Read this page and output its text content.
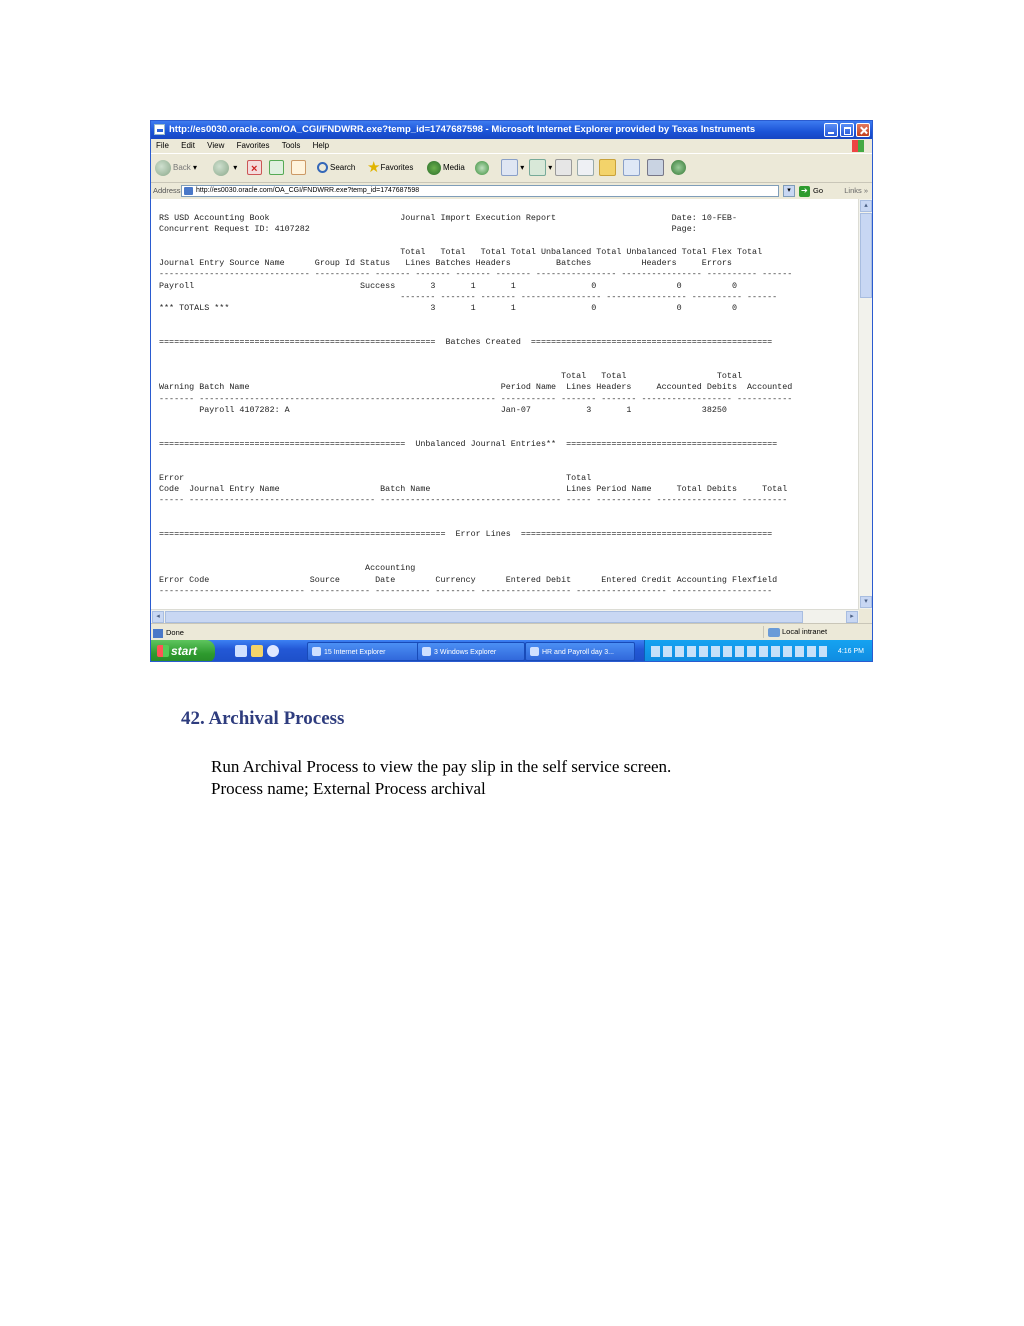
http://es0030.oracle.com/OA_CGI/FNDWRR.exe?temp_id=1747687598 - Microsoft Internet Explorer provided by Texas Instruments
File Edit View Favorites Tools Help
Back ▾	▾ ×	Search ★Favorites	Media	▾	▾
Address	http://es0030.oracle.com/OA_CGI/FNDWRR.exe?temp_id=1747687598	▾ ➔	Go	Links »
RS USD Accounting Book                          Journal Import Execution Report                       Date: 10-FEB-
Concurrent Request ID: 4107282                                                                        Page:

Total   Total   Total Total Unbalanced Total Unbalanced Total Flex Total
Journal Entry Source Name      Group Id Status   Lines Batches Headers         Batches          Headers     Errors
------------------------------ ----------- ------- ------- ------- ------- ---------------- ---------------- ---------- ------
Payroll                                 Success       3       1       1               0                0          0
------- ------- ------- ---------------- ---------------- ---------- ------
*** TOTALS ***                                        3       1       1               0                0          0

=======================================================  Batches Created  ================================================

Total   Total                  Total
Warning Batch Name                                                  Period Name  Lines Headers     Accounted Debits  Accounted
------- ----------------------------------------------------------- ----------- ------- ------- ------------------ -----------
Payroll 4107282: A                                          Jan-07           3       1              38250

=================================================  Unbalanced Journal Entries**  ==========================================

Error                                                                            Total
Code  Journal Entry Name                    Batch Name                           Lines Period Name     Total Debits     Total
----- ------------------------------------- ------------------------------------ ----- ----------- ---------------- ---------

=========================================================  Error Lines  ==================================================

Accounting
Error Code                    Source       Date        Currency      Entered Debit      Entered Credit Accounting Flexfield
----------------------------- ------------ ----------- -------- ------------------ ------------------ --------------------
▴
▾
◂	▸
Done	Local intranet
start	15 Internet Explorer	3 Windows Explorer	HR and Payroll day 3...	4:16 PM
42. Archival Process
Run Archival Process to view the pay slip in the self service screen.
Process name; External Process archival
